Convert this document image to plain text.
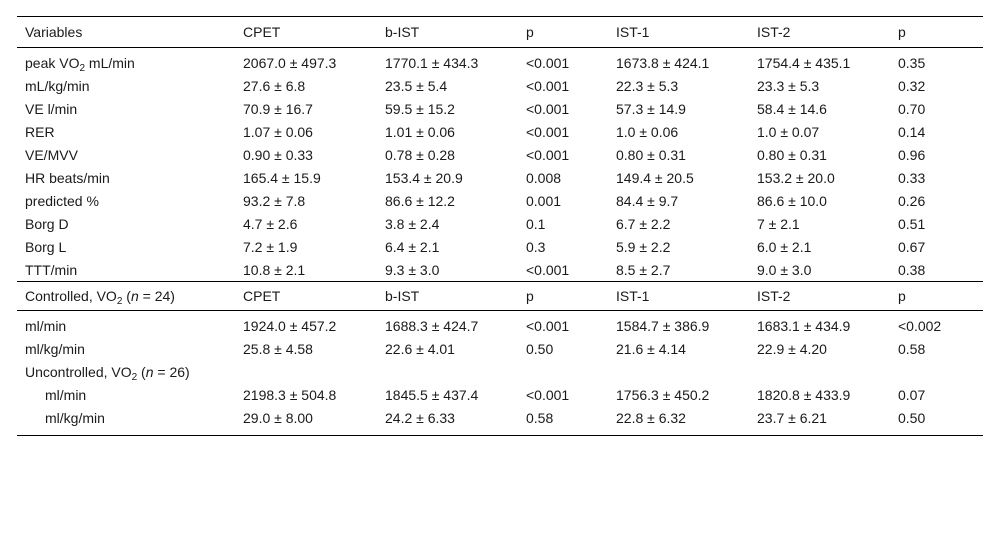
Variables	CPET	b-IST	p	IST-1	IST-2	p
peak $VO_2$ mL/min	2067.0 ± 497.3	1770.1 ± 434.3	<0.001	1673.8 ± 424.1	1754.4 ± 435.1	0.35
mL/kg/min	27.6 ± 6.8	23.5 ± 5.4	<0.001	22.3 ± 5.3	23.3 ± 5.3	0.32
VE l/min	70.9 ± 16.7	59.5 ± 15.2	<0.001	57.3 ± 14.9	58.4 ± 14.6	0.70
RER	1.07 ± 0.06	1.01 ± 0.06	<0.001	1.0 ± 0.06	1.0 ± 0.07	0.14
VE/MVV	0.90 ± 0.33	0.78 ± 0.28	<0.001	0.80 ± 0.31	0.80 ± 0.31	0.96
HR beats/min	165.4 ± 15.9	153.4 ± 20.9	0.008	149.4 ± 20.5	153.2 ± 20.0	0.33
predicted %	93.2 ± 7.8	86.6 ± 12.2	0.001	84.4 ± 9.7	86.6 ± 10.0	0.26
Borg D	4.7 ± 2.6	3.8 ± 2.4	0.1	6.7 ± 2.2	7 ± 2.1	0.51
Borg L	7.2 ± 1.9	6.4 ± 2.1	0.3	5.9 ± 2.2	6.0 ± 2.1	0.67
TTT/min	10.8 ± 2.1	9.3 ± 3.0	<0.001	8.5 ± 2.7	9.0 ± 3.0	0.38
Controlled, $VO_2$ (n = 24)	CPET	b-IST	p	IST-1	IST-2	p
ml/min	1924.0 ± 457.2	1688.3 ± 424.7	<0.001	1584.7 ± 386.9	1683.1 ± 434.9	<0.002
ml/kg/min	25.8 ± 4.58	22.6 ± 4.01	0.50	21.6 ± 4.14	22.9 ± 4.20	0.58
Uncontrolled, $VO_2$ (n = 26)						
ml/min	2198.3 ± 504.8	1845.5 ± 437.4	<0.001	1756.3 ± 450.2	1820.8 ± 433.9	0.07
ml/kg/min	29.0 ± 8.00	24.2 ± 6.33	0.58	22.8 ± 6.32	23.7 ± 6.21	0.50
